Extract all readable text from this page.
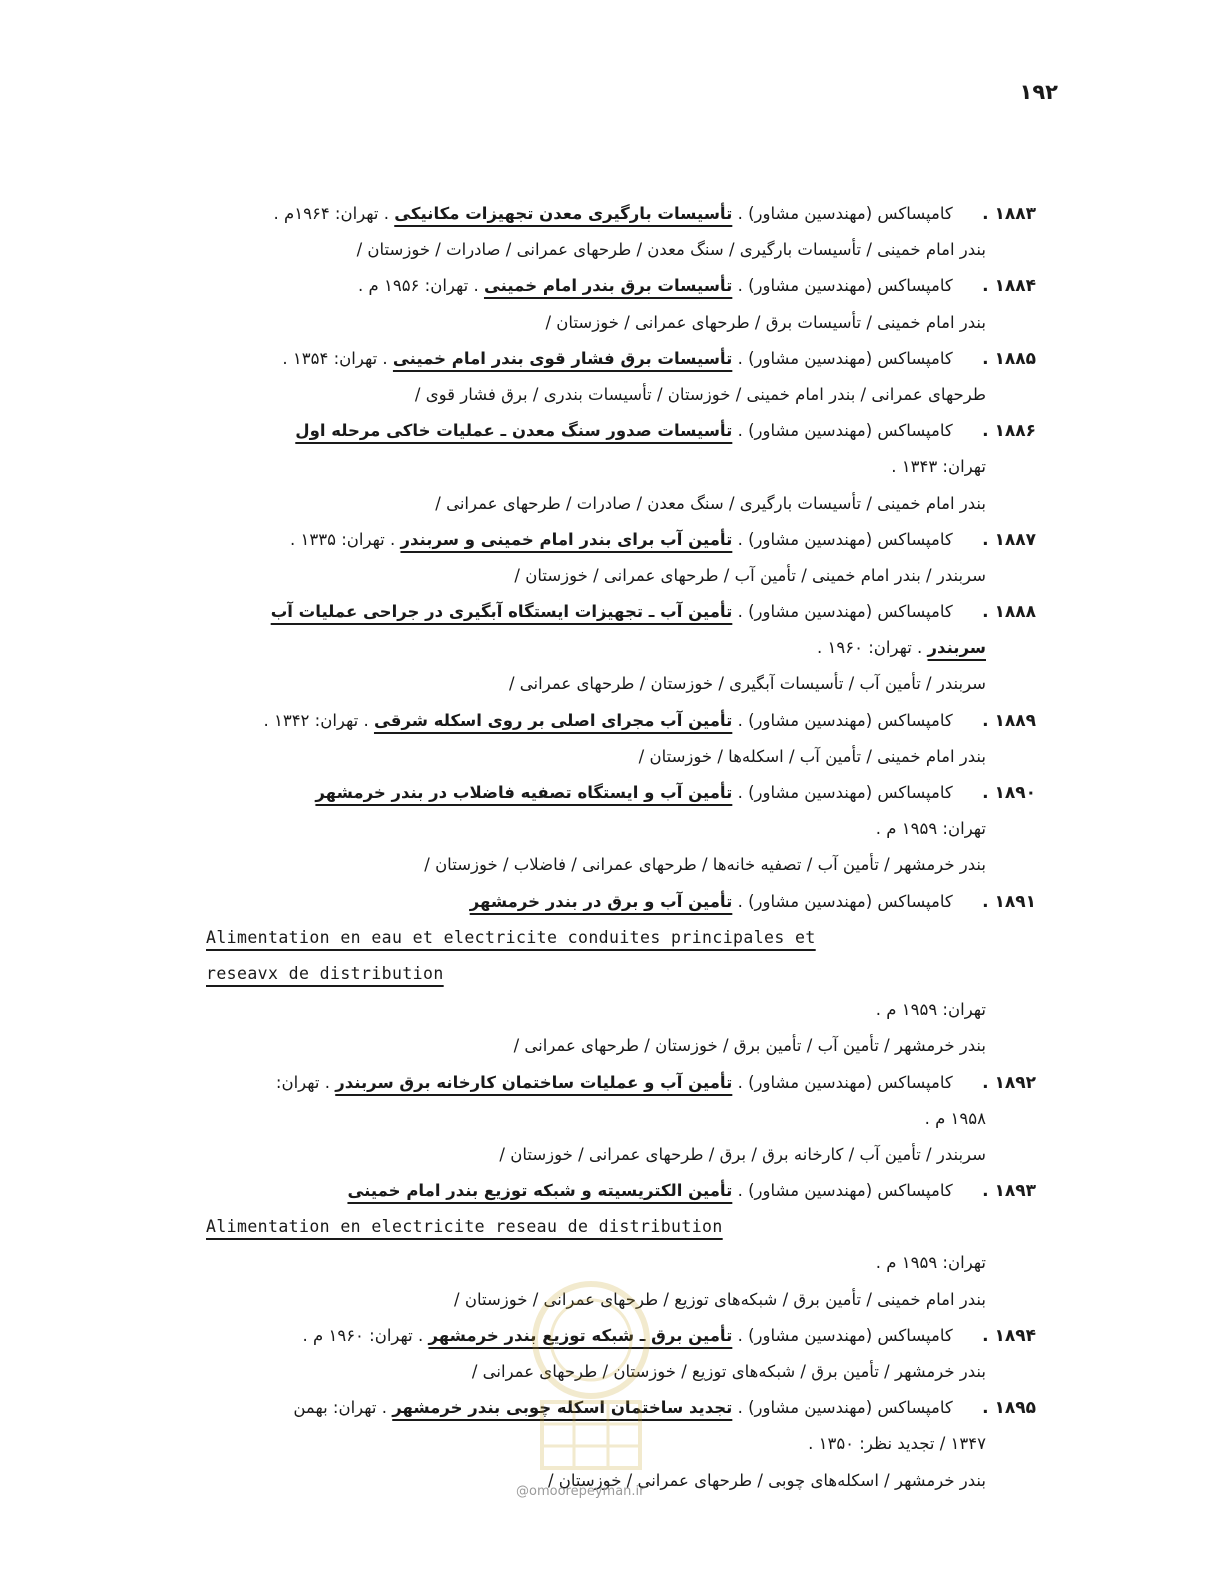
۱۹۲
۱۸۸۳ . کامپساکس (مهندسین مشاور) . تأسیسات بارگیری معدن تجهیزات مکانیکی . تهران: ۱۹۶۴م .
بندر امام خمینی / تأسیسات بارگیری / سنگ معدن / طرحهای عمرانی / صادرات / خوزستان /
۱۸۸۴ . کامپساکس (مهندسین مشاور) . تأسیسات برق بندر امام خمینی . تهران: ۱۹۵۶ م .
بندر امام خمینی / تأسیسات برق / طرحهای عمرانی / خوزستان /
۱۸۸۵ . کامپساکس (مهندسین مشاور) . تأسیسات برق فشار قوی بندر امام خمینی . تهران: ۱۳۵۴ .
طرحهای عمرانی / بندر امام خمینی / خوزستان / تأسیسات بندری / برق فشار قوی /
۱۸۸۶ . کامپساکس (مهندسین مشاور) . تأسیسات صدور سنگ معدن ـ عملیات خاکی مرحله اول
تهران: ۱۳۴۳ .
بندر امام خمینی / تأسیسات بارگیری / سنگ معدن / صادرات / طرحهای عمرانی /
۱۸۸۷ . کامپساکس (مهندسین مشاور) . تأمین آب برای بندر امام خمینی و سربندر . تهران: ۱۳۳۵ .
سربندر / بندر امام خمینی / تأمین آب / طرحهای عمرانی / خوزستان /
۱۸۸۸ . کامپساکس (مهندسین مشاور) . تأمین آب ـ تجهیزات ایستگاه آبگیری در جراحی عملیات آب
سربندر . تهران: ۱۹۶۰ .
سربندر / تأمین آب / تأسیسات آبگیری / خوزستان / طرحهای عمرانی /
۱۸۸۹ . کامپساکس (مهندسین مشاور) . تأمین آب مجرای اصلی بر روی اسکله شرقی . تهران: ۱۳۴۲ .
بندر امام خمینی / تأمین آب / اسکله‌ها / خوزستان /
۱۸۹۰ . کامپساکس (مهندسین مشاور) . تأمین آب و ایستگاه تصفیه فاضلاب در بندر خرمشهر
تهران: ۱۹۵۹ م .
بندر خرمشهر / تأمین آب / تصفیه خانه‌ها / طرحهای عمرانی / فاضلاب / خوزستان /
۱۸۹۱ . کامپساکس (مهندسین مشاور) . تأمین آب و برق در بندر خرمشهر
Alimentation en eau et electricite conduites principales et
reseavx de distribution
تهران: ۱۹۵۹ م .
بندر خرمشهر / تأمین آب / تأمین برق / خوزستان / طرحهای عمرانی /
۱۸۹۲ . کامپساکس (مهندسین مشاور) . تأمین آب و عملیات ساختمان کارخانه برق سربندر . تهران:
۱۹۵۸ م .
سربندر / تأمین آب / کارخانه برق / برق / طرحهای عمرانی / خوزستان /
۱۸۹۳ . کامپساکس (مهندسین مشاور) . تأمین الکتریسیته و شبکه توزیع بندر امام خمینی
Alimentation en electricite reseau de distribution
تهران: ۱۹۵۹ م .
بندر امام خمینی / تأمین برق / شبکه‌های توزیع / طرحهای عمرانی / خوزستان /
۱۸۹۴ . کامپساکس (مهندسین مشاور) . تأمین برق ـ شبکه توزیع بندر خرمشهر . تهران: ۱۹۶۰ م .
بندر خرمشهر / تأمین برق / شبکه‌های توزیع / خوزستان / طرحهای عمرانی /
۱۸۹۵ . کامپساکس (مهندسین مشاور) . تجدید ساختمان اسکله چوبی بندر خرمشهر . تهران: بهمن
۱۳۴۷ / تجدید نظر: ۱۳۵۰ .
بندر خرمشهر / اسکله‌های چوبی / طرحهای عمرانی / خوزستان /
@omoorepeyman.ir
